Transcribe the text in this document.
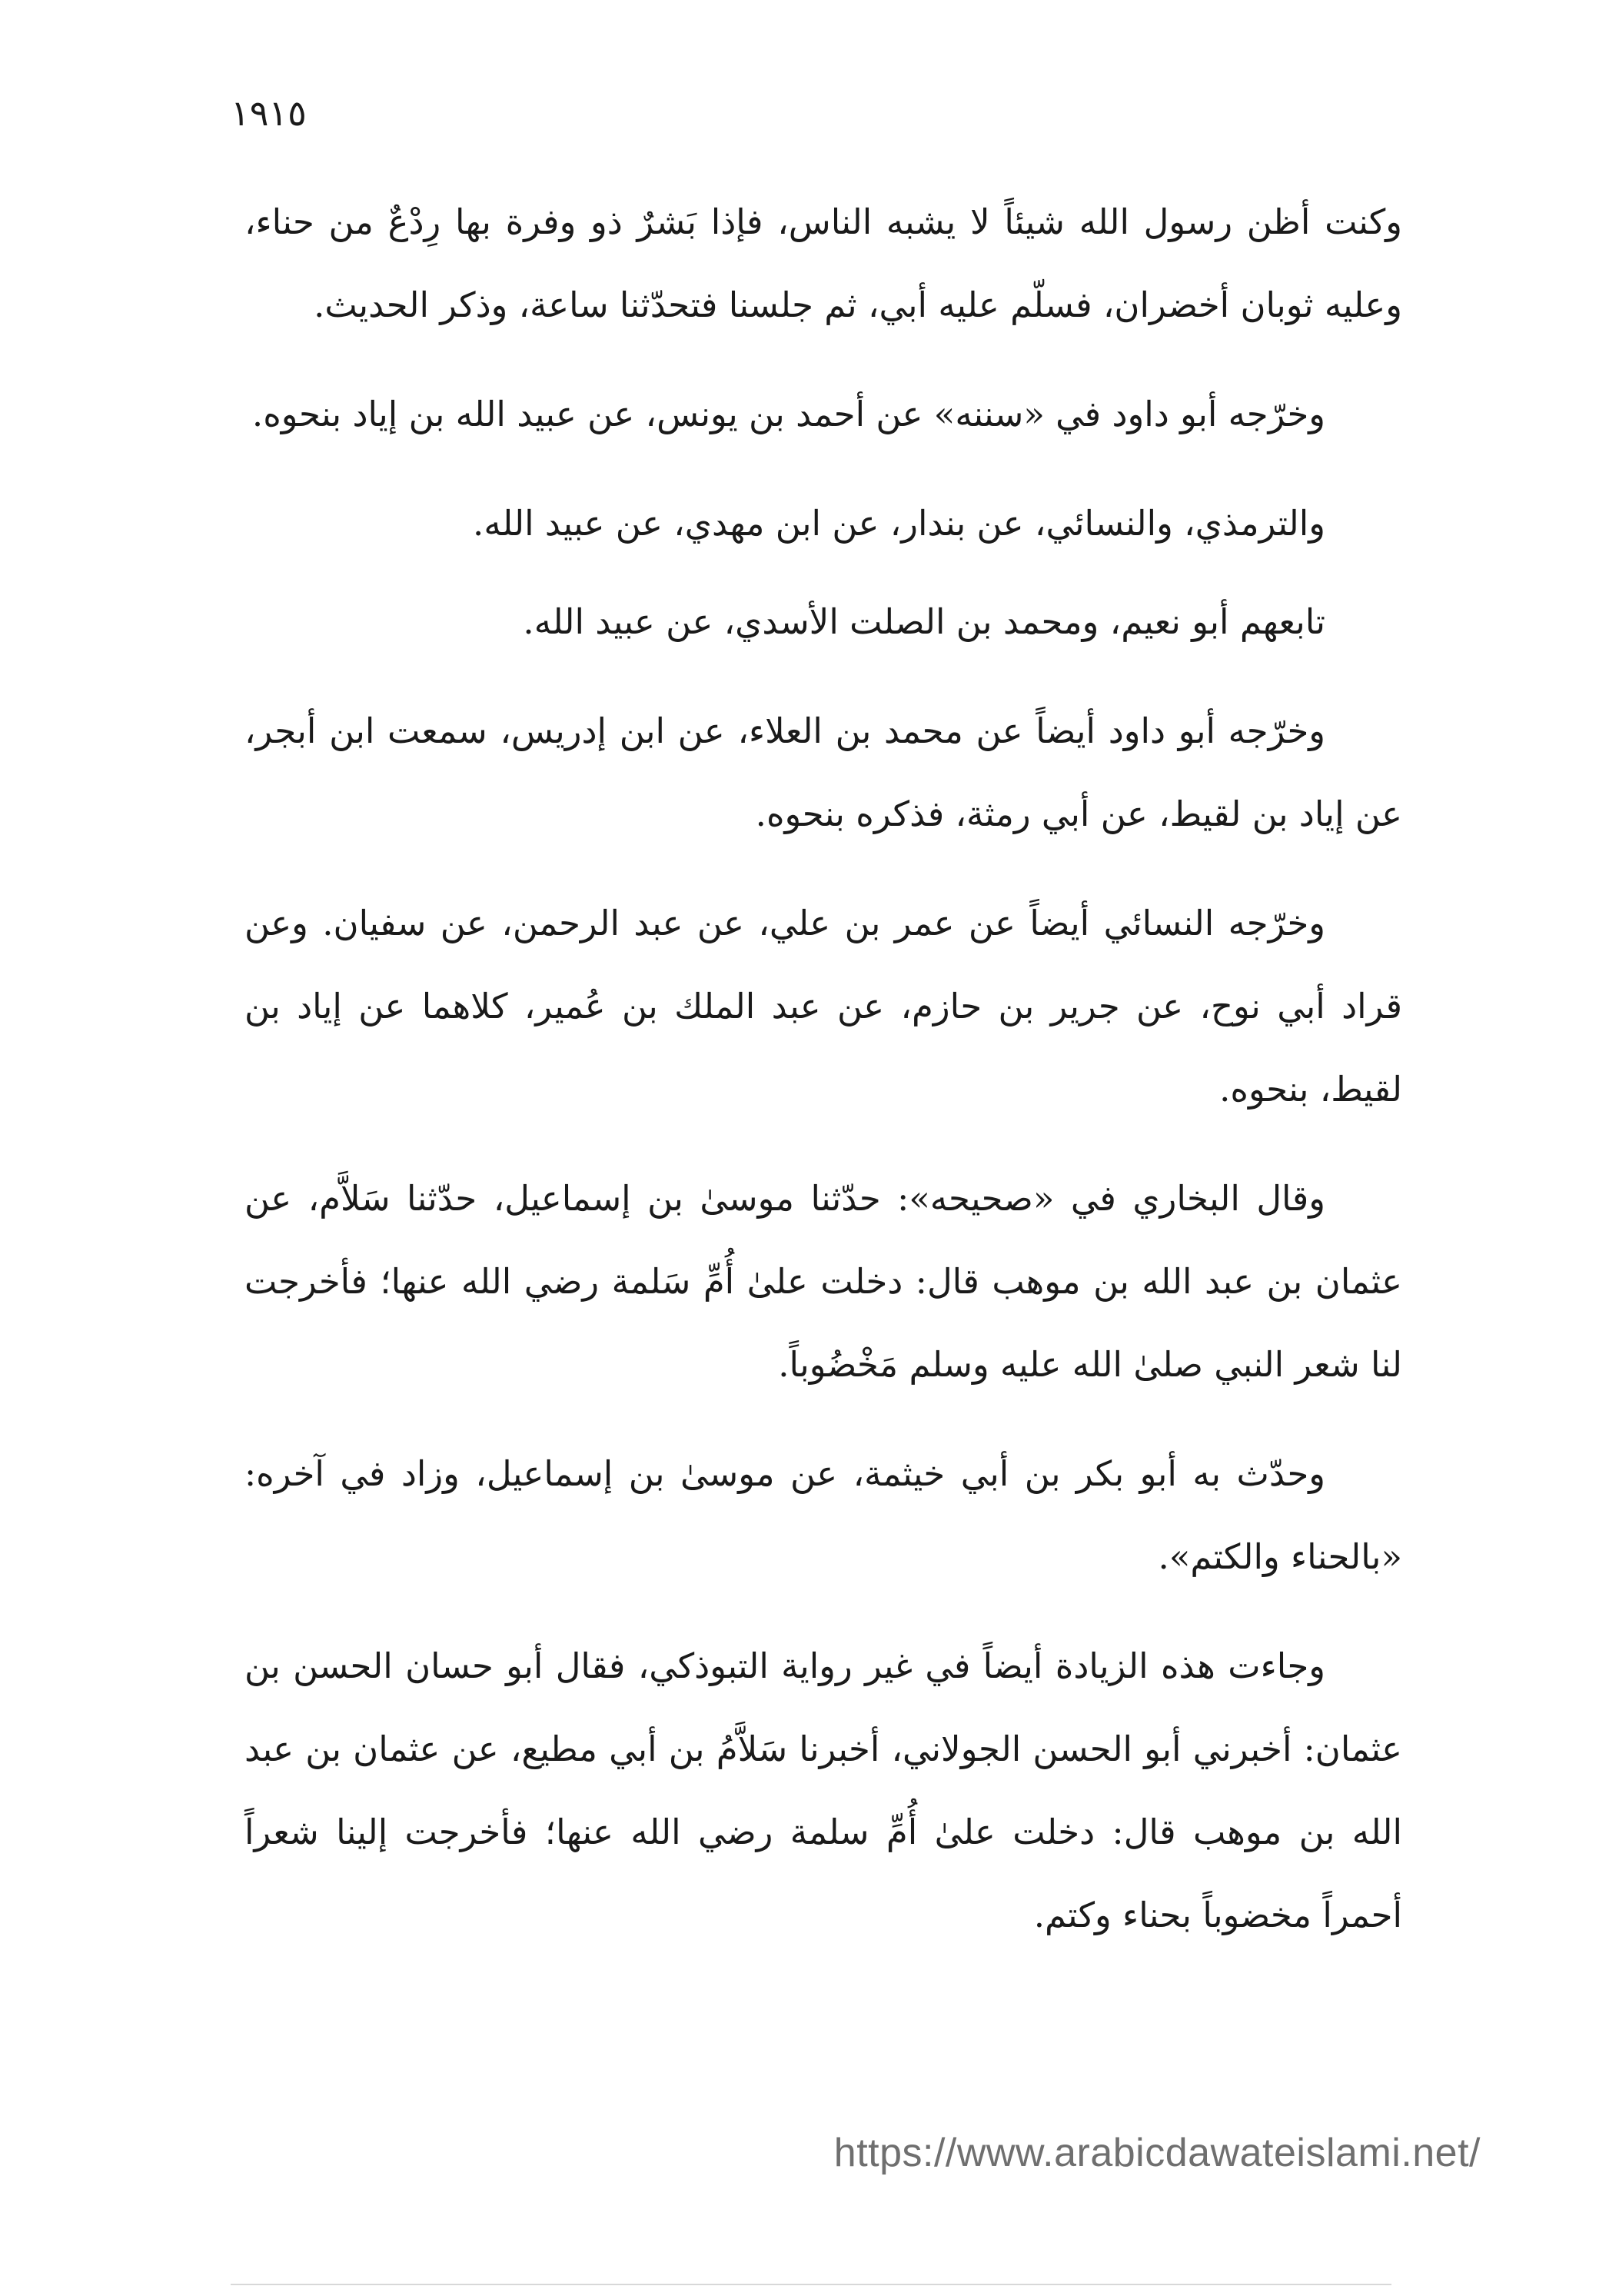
١٩١٥

وكنت أظن رسول الله شيئاً لا يشبه الناس، فإذا بَشرٌ ذو وفرة بها رِدْعٌ من حناء، وعليه ثوبان أخضران، فسلّم عليه أبي، ثم جلسنا فتحدّثنا ساعة، وذكر الحديث.

وخرّجه أبو داود في «سننه» عن أحمد بن يونس، عن عبيد الله بن إياد بنحوه.

والترمذي، والنسائي، عن بندار، عن ابن مهدي، عن عبيد الله.

تابعهم أبو نعيم، ومحمد بن الصلت الأسدي، عن عبيد الله.

وخرّجه أبو داود أيضاً عن محمد بن العلاء، عن ابن إدريس، سمعت ابن أبجر، عن إياد بن لقيط، عن أبي رمثة، فذكره بنحوه.

وخرّجه النسائي أيضاً عن عمر بن علي، عن عبد الرحمن، عن سفيان. وعن قراد أبي نوح، عن جرير بن حازم، عن عبد الملك بن عُمير، كلاهما عن إياد بن لقيط، بنحوه.

وقال البخاري في «صحيحه»: حدّثنا موسىٰ بن إسماعيل، حدّثنا سَلاَّم، عن عثمان بن عبد الله بن موهب قال: دخلت علىٰ أُمِّ سَلمة رضي الله عنها؛ فأخرجت لنا شعر النبي صلىٰ الله عليه وسلم مَخْضُوباً.

وحدّث به أبو بكر بن أبي خيثمة، عن موسىٰ بن إسماعيل، وزاد في آخره: «بالحناء والكتم».

وجاءت هذه الزيادة أيضاً في غير رواية التبوذكي، فقال أبو حسان الحسن بن عثمان: أخبرني أبو الحسن الجولاني، أخبرنا سَلاَّمُ بن أبي مطيع، عن عثمان بن عبد الله بن موهب قال: دخلت علىٰ أُمِّ سلمة رضي الله عنها؛ فأخرجت إلينا شعراً أحمراً مخضوباً بحناء وكتم.

https://www.arabicdawateislami.net/
